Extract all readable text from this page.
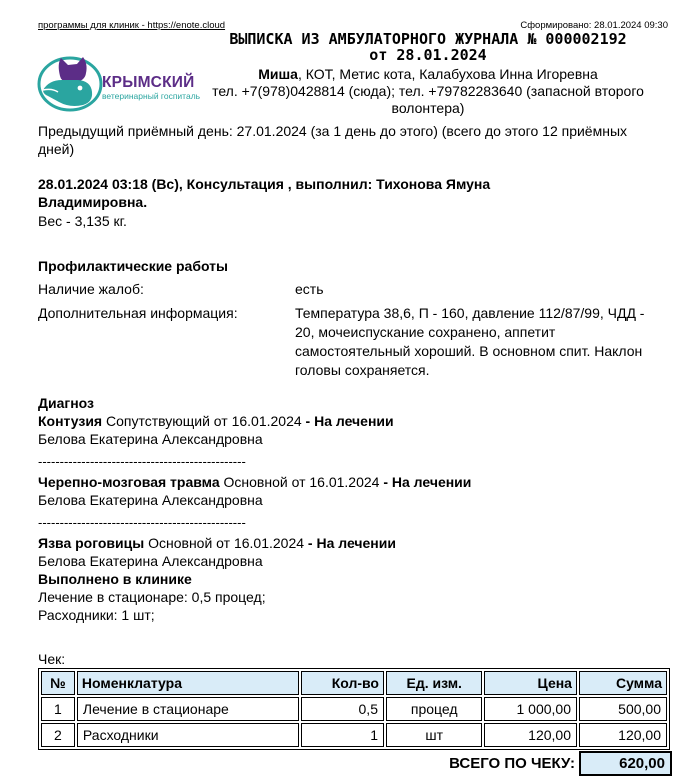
программы для клиник - https://enote.cloud	Сформировано: 28.01.2024 09:30
КРЫМСКИЙ
ветеринарный госпиталь
ВЫПИСКА ИЗ АМБУЛАТОРНОГО ЖУРНАЛА № 000002192
от 28.01.2024
Миша, КОТ, Метис кота, Калабухова Инна Игоревна
тел. +7(978)0428814 (сюда); тел. +79782283640 (запасной второго волонтера)
Предыдущий приёмный день: 27.01.2024 (за 1 день до этого) (всего до этого 12 приёмных дней)
28.01.2024 03:18 (Вс), Консультация , выполнил: Тихонова Ямуна Владимировна.
Вес - 3,135 кг.
Профилактические работы
Наличие жалоб:	есть
Дополнительная информация:	Температура 38,6, П - 160, давление 112/87/99, ЧДД - 20, мочеиспускание сохранено, аппетит самостоятельный хороший. В основном спит. Наклон головы сохраняется.
Диагноз
Контузия Сопутствующий от 16.01.2024 - На лечении
Белова Екатерина Александровна
------------------------------------------------
Черепно-мозговая травма Основной от 16.01.2024 - На лечении
Белова Екатерина Александровна
------------------------------------------------
Язва роговицы Основной от 16.01.2024 - На лечении
Белова Екатерина Александровна
Выполнено в клинике
Лечение в стационаре: 0,5 процед;
Расходники: 1 шт;
Чек:
№	Номенклатура	Кол-во	Ед. изм.	Цена	Сумма
1	Лечение в стационаре	0,5	процед	1 000,00	500,00
2	Расходники	1	шт	120,00	120,00
ВСЕГО ПО ЧЕКУ:	620,00
